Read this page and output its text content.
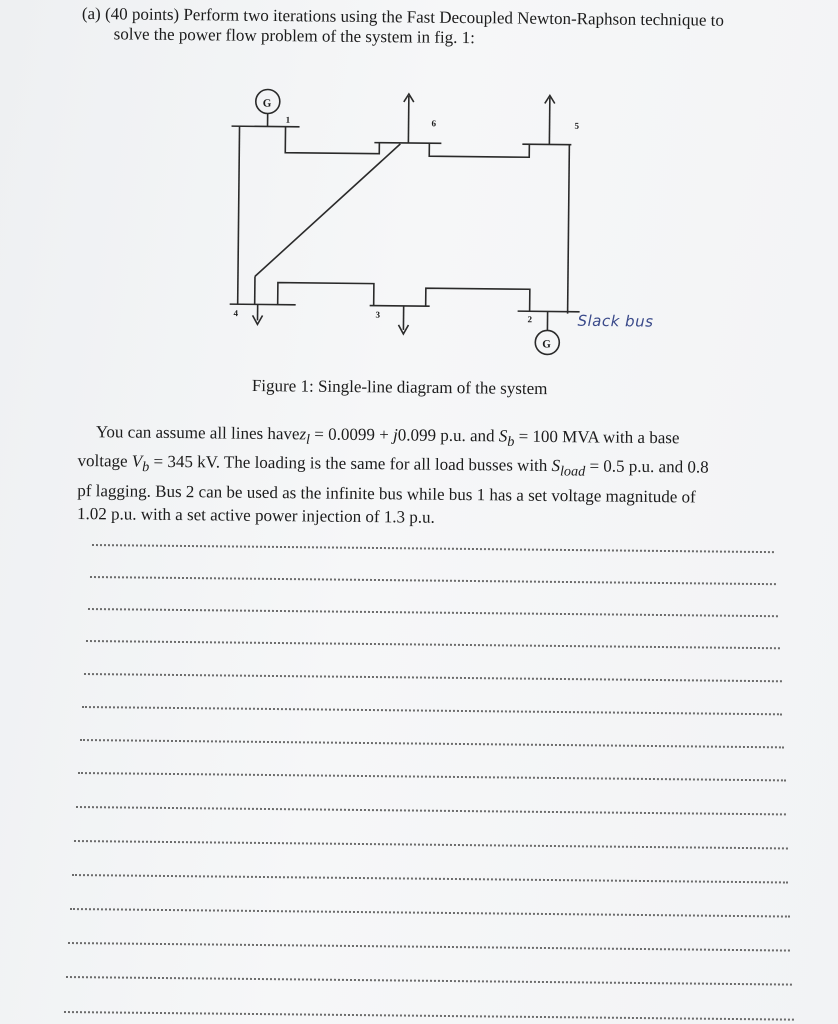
(a) (40 points) Perform two iterations using the Fast Decoupled Newton-Raphson technique to
solve the power flow problem of the system in fig. 1:
G
G
1	6	5
4	3	2	Slack bus
Figure 1: Single-line diagram of the system

You can assume all lines havez$_l$ = 0.0099 + j0.099 p.u. and $S_b = 100$ MVA with a base
voltage $V_b = 345$ kV. The loading is the same for all load busses with $S_{load} = 0.5$ p.u. and 0.8
pf lagging. Bus 2 can be used as the infinite bus while bus 1 has a set voltage magnitude of
1.02 p.u. with a set active power injection of 1.3 p.u.
